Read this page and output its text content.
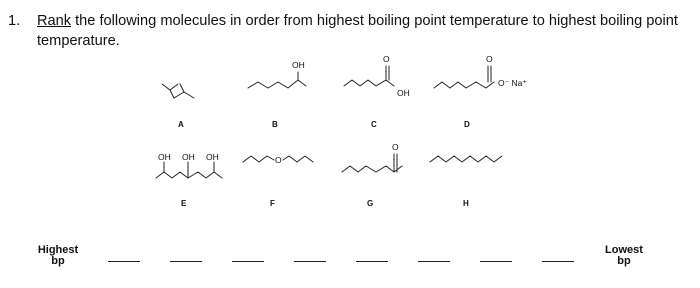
1. Rank the following molecules in order from highest boiling point temperature to highest boiling point temperature.
A
OH
B
O
OH
C
O
O⁻ Na⁺
D
OH OH OH
E
O
F
O
G	H
Highest
bp
Lowest
bp
